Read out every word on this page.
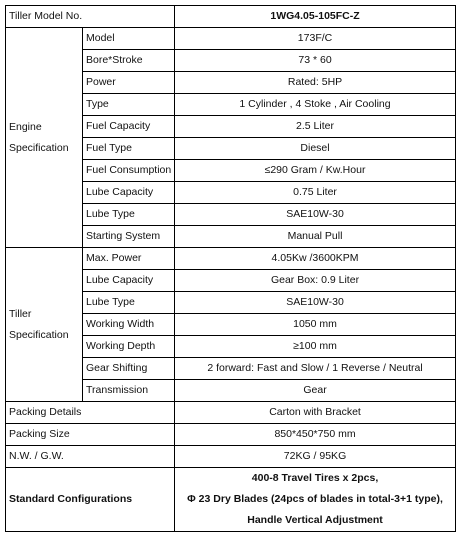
Tiller Model No.		1WG4.05-105FC-Z
Engine Specification	Model	173F/C
	Bore*Stroke	73 * 60
	Power	Rated: 5HP
	Type	1 Cylinder , 4 Stoke , Air Cooling
	Fuel Capacity	2.5 Liter
	Fuel Type	Diesel
	Fuel Consumption	≤290 Gram / Kw.Hour
	Lube Capacity	0.75 Liter
	Lube Type	SAE10W-30
	Starting System	Manual Pull
Tiller Specification	Max. Power	4.05Kw /3600KPM
	Lube Capacity	Gear Box: 0.9 Liter
	Lube Type	SAE10W-30
	Working Width	1050 mm
	Working Depth	≥100 mm
	Gear Shifting	2 forward: Fast and Slow / 1 Reverse / Neutral
	Transmission	Gear
Packing Details		Carton with Bracket
Packing Size		850*450*750 mm
N.W. / G.W.		72KG / 95KG
Standard Configurations		400-8 Travel Tires x 2pcs,
Φ 23 Dry Blades (24pcs of blades in total-3+1 type),
Handle Vertical Adjustment
